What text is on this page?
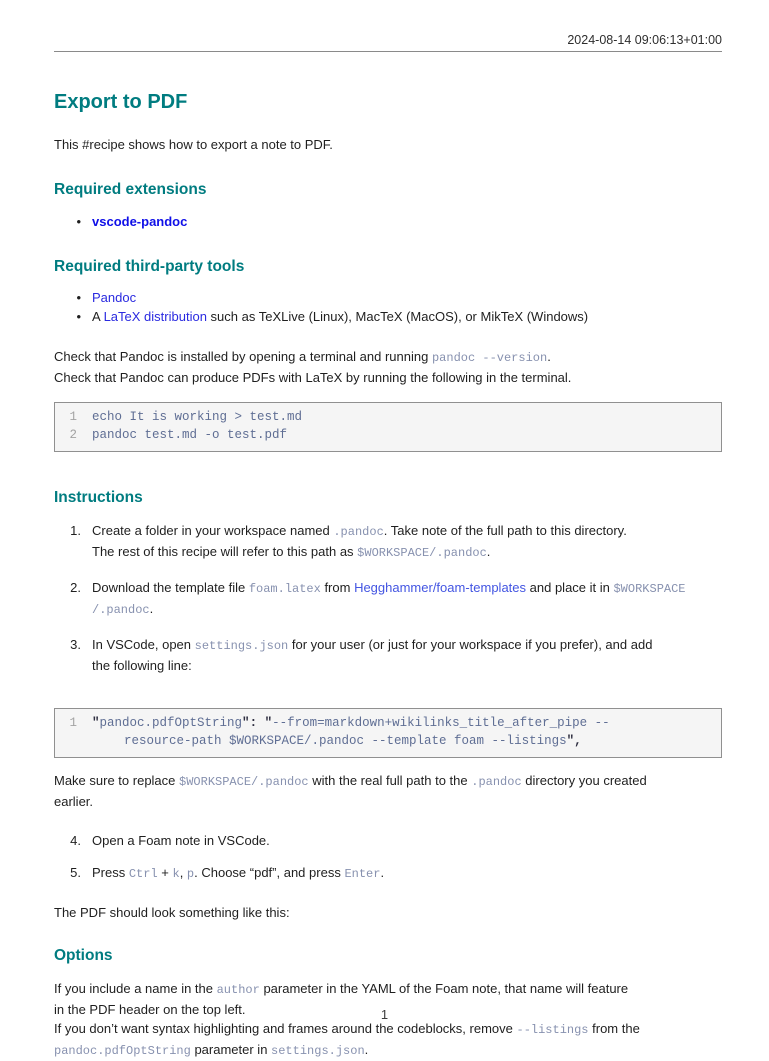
2024-08-14 09:06:13+01:00
Export to PDF
This #recipe shows how to export a note to PDF.
Required extensions
• vscode-pandoc
Required third-party tools
• Pandoc
• A LaTeX distribution such as TeXLive (Linux), MacTeX (MacOS), or MikTeX (Windows)
Check that Pandoc is installed by opening a terminal and running pandoc --version.
Check that Pandoc can produce PDFs with LaTeX by running the following in the terminal.
1 echo It is working > test.md
2 pandoc test.md -o test.pdf
Instructions
1. Create a folder in your workspace named .pandoc. Take note of the full path to this directory.
The rest of this recipe will refer to this path as $WORKSPACE/.pandoc.
2. Download the template file foam.latex from Hegghammer/foam-templates and place it in $WORKSPACE
/.pandoc.
3. In VSCode, open settings.json for your user (or just for your workspace if you prefer), and add
the following line:
1 "pandoc.pdfOptString": "--from=markdown+wikilinks_title_after_pipe --
resource-path $WORKSPACE/.pandoc --template foam --listings",
Make sure to replace $WORKSPACE/.pandoc with the real full path to the .pandoc directory you created
earlier.
4. Open a Foam note in VSCode.
5. Press Ctrl + k, p. Choose “pdf”, and press Enter.
The PDF should look something like this:
Options
If you include a name in the author parameter in the YAML of the Foam note, that name will feature
in the PDF header on the top left.
If you don’t want syntax highlighting and frames around the codeblocks, remove --listings from the
pandoc.pdfOptString parameter in settings.json.
1
